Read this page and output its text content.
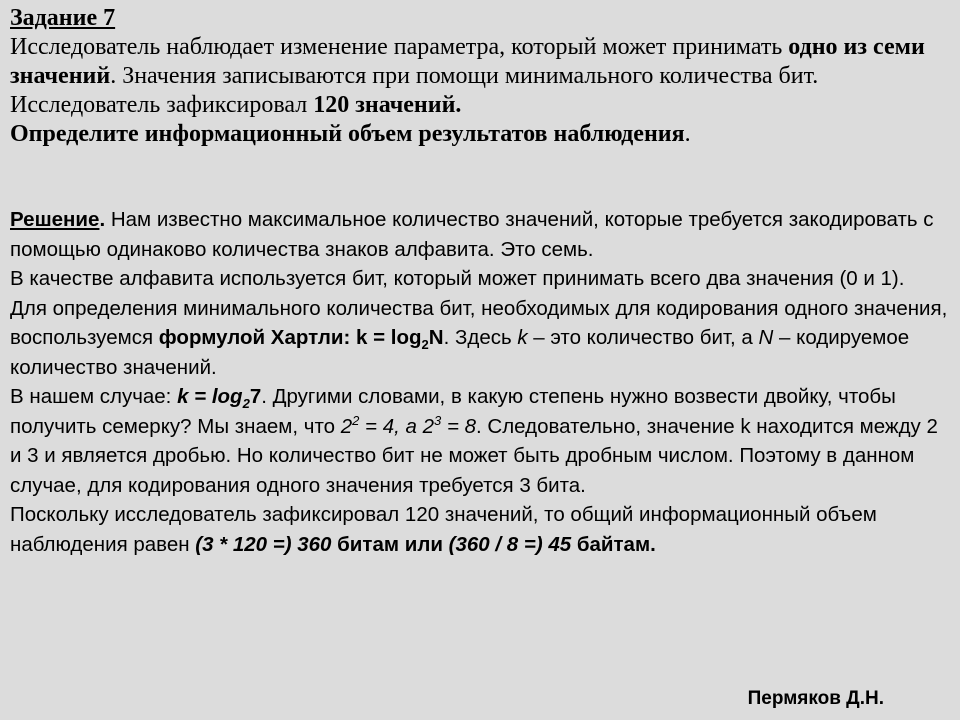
Задание 7
Исследователь наблюдает изменение параметра, который может принимать одно из семи значений. Значения записываются при помощи минимального количества бит. Исследователь зафиксировал 120 значений.
Определите информационный объем результатов наблюдения.
Решение. Нам известно максимальное количество значений, которые требуется закодировать с помощью одинаково количества знаков алфавита. Это семь.
В качестве алфавита используется бит, который может принимать всего два значения (0 и 1).
Для определения минимального количества бит, необходимых для кодирования одного значения, воспользуемся формулой Хартли: $k = \log_2N$. Здесь k – это количество бит, а N – кодируемое количество значений.
В нашем случае: $k = \log_27$. Другими словами, в какую степень нужно возвести двойку, чтобы получить семерку? Мы знаем, что $2^2 = 4$, а $2^3 = 8$. Следовательно, значение k находится между 2 и 3 и является дробью. Но количество бит не может быть дробным числом. Поэтому в данном случае, для кодирования одного значения требуется 3 бита.
Поскольку исследователь зафиксировал 120 значений, то общий информационный объем наблюдения равен (3 * 120 =) 360 битам или (360 / 8 =) 45 байтам.
Пермяков Д.Н.
